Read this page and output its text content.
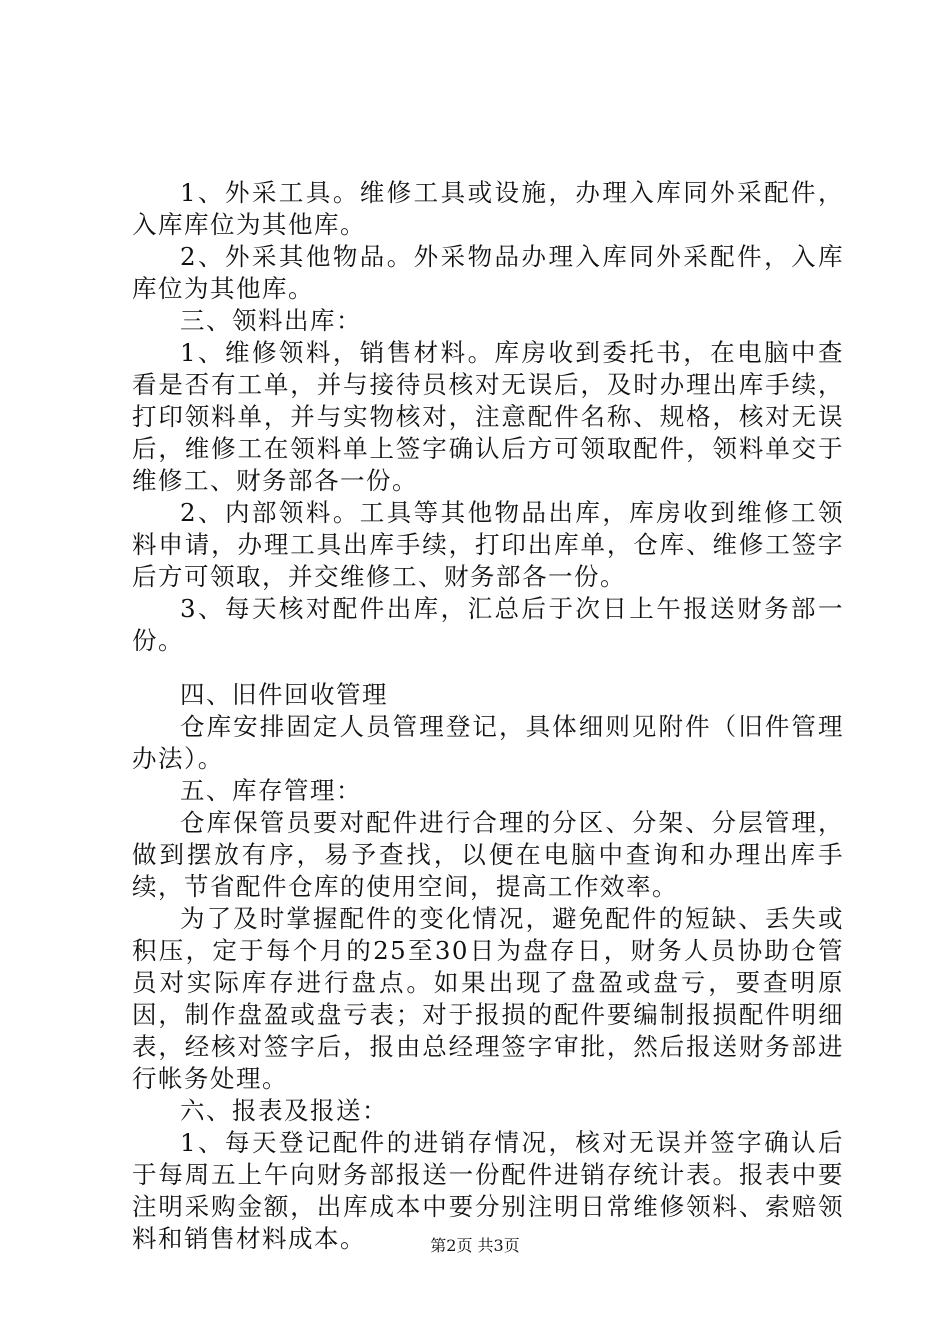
1、外采工具。维修工具或设施，办理入库同外采配件，入库库位为其他库。

2、外采其他物品。外采物品办理入库同外采配件，入库库位为其他库。

三、领料出库：

1、维修领料，销售材料。库房收到委托书，在电脑中查看是否有工单，并与接待员核对无误后，及时办理出库手续，打印领料单，并与实物核对，注意配件名称、规格，核对无误后，维修工在领料单上签字确认后方可领取配件，领料单交于维修工、财务部各一份。

2、内部领料。工具等其他物品出库，库房收到维修工领料申请，办理工具出库手续，打印出库单，仓库、维修工签字后方可领取，并交维修工、财务部各一份。

3、每天核对配件出库，汇总后于次日上午报送财务部一份。

四、旧件回收管理

仓库安排固定人员管理登记，具体细则见附件（旧件管理办法）。

五、库存管理：

仓库保管员要对配件进行合理的分区、分架、分层管理，做到摆放有序，易予查找，以便在电脑中查询和办理出库手续，节省配件仓库的使用空间，提高工作效率。

为了及时掌握配件的变化情况，避免配件的短缺、丢失或积压，定于每个月的25至30日为盘存日，财务人员协助仓管员对实际库存进行盘点。如果出现了盘盈或盘亏，要查明原因，制作盘盈或盘亏表；对于报损的配件要编制报损配件明细表，经核对签字后，报由总经理签字审批，然后报送财务部进行帐务处理。

六、报表及报送：

1、每天登记配件的进销存情况，核对无误并签字确认后于每周五上午向财务部报送一份配件进销存统计表。报表中要注明采购金额，出库成本中要分别注明日常维修领料、索赔领料和销售材料成本。	第2页 共3页
